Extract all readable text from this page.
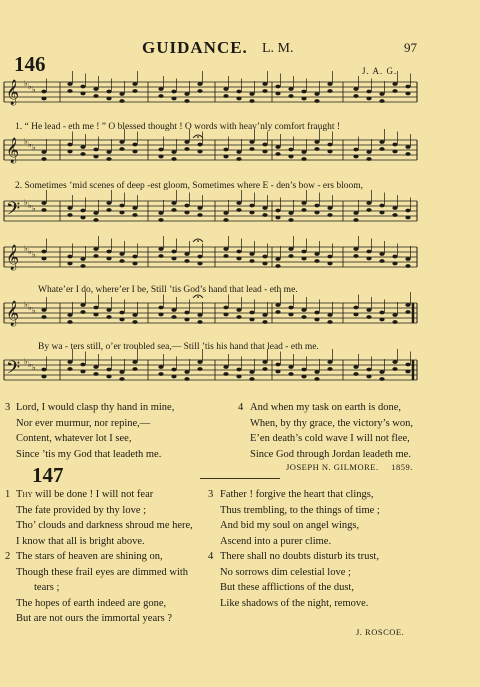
146
GUIDANCE. L. M.	97
J. A. G.
𝄞 ♭ ♭ ♭
𝄞 ♭ ♭ ♭
𝄢 ♭ ♭ ♭
𝄞 ♭ ♭ ♭
𝄞 ♭ ♭ ♭
𝄢 ♭ ♭ ♭
1. “ He lead - eth me ! ” O blessed thought ! O words with heav’nly comfort fraught !
2. Sometimes ’mid scenes of deep -est gloom, Sometimes where E - den’s bow - ers bloom,
Whate’er I do, where’er I be, Still ’tis God’s hand that lead - eth me.
By wa - ters still, o’er troubled sea,— Still ’tis his hand that lead - eth me.
3 Lord, I would clasp thy hand in mine,
Nor ever murmur, nor repine,—
Content, whatever lot I see,
Since ’tis my God that leadeth me.
4 And when my task on earth is done,
When, by thy grace, the victory’s won,
E’en death’s cold wave I will not flee,
Since God through Jordan leadeth me.
JOSEPH N. GILMORE. 1859.
147
1 Thy will be done ! I will not fear
The fate provided by thy love ;
Tho’ clouds and darkness shroud me here,
I know that all is bright above.
2 The stars of heaven are shining on,
Though these frail eyes are dimmed with
tears ;
The hopes of earth indeed are gone,
But are not ours the immortal years ?
3 Father ! forgive the heart that clings,
Thus trembling, to the things of time ;
And bid my soul on angel wings,
Ascend into a purer clime.
4 There shall no doubts disturb its trust,
No sorrows dim celestial love ;
But these afflictions of the dust,
Like shadows of the night, remove.
J. ROSCOE.
